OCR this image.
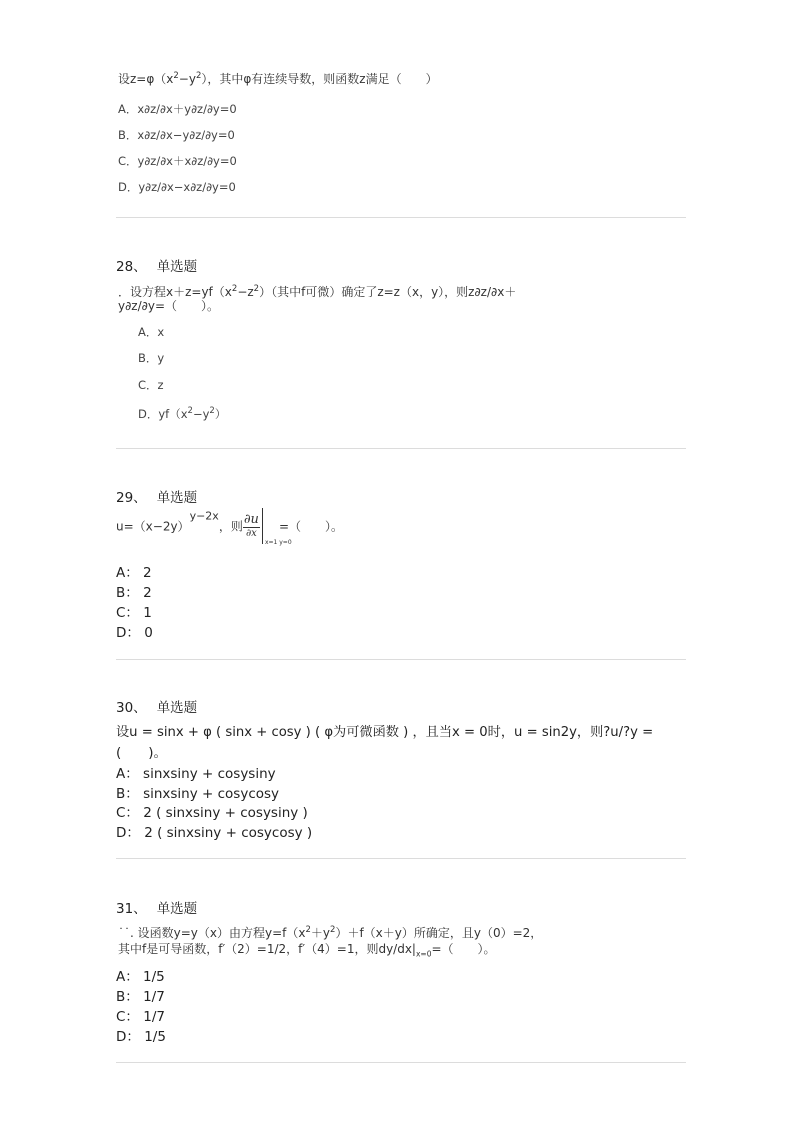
设$z=\varphi(x^2-y^2)$，其中φ有连续导数，则函数z满足（　　）
A．x∂z/∂x＋y∂z/∂y=0
B．x∂z/∂x−y∂z/∂y=0
C．y∂z/∂x＋x∂z/∂y=0
D．y∂z/∂x−x∂z/∂y=0
28、 单选题
．设方程$x+z=yf(x^2-z^2)$（其中f可微）确定了z=z（x，y），则z∂z/∂x＋
y∂z/∂y=（　　）。
A．x
B．y
C．z
D．$yf(x^2-y^2)$
29、 单选题
u=（x−2y）y−2x，则 $\frac{\partial u}{\partial x}$
x=1 y=0
=（　　）。
A： 2
B： 2
C： 1
D： 0
30、 单选题
设u = sinx + φ ( sinx + cosy ) ( φ为可微函数 ) ，且当x = 0时，u = sin2y，则?u/?y =
(　　)。
A： sinxsiny + cosysiny
B： sinxsiny + cosycosy
C： 2 ( sinxsiny + cosysiny )
D： 2 ( sinxsiny + cosycosy )
31、 单选题
˙˙. 设函数y=y（x）由方程$y=f(x^2+y^2)+f(x+y)$所确定，且y（0）=2，
其中f是可导函数，f′（2）=1/2，f′（4）=1，则$dy/dx|_{x=0}=$（　　）。
A： 1/5
B： 1/7
C： 1/7
D： 1/5
